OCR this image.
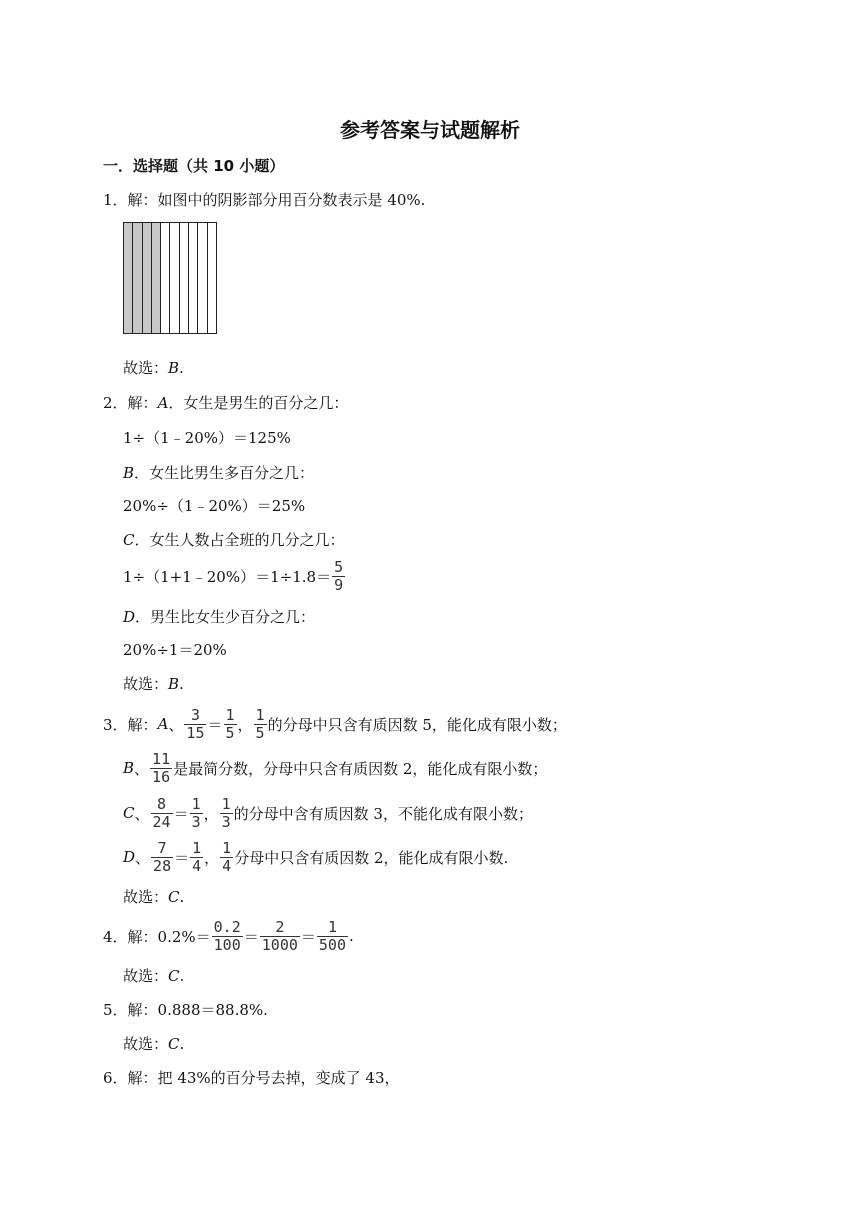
参考答案与试题解析
一．选择题（共 10 小题）
1．解：如图中的阴影部分用百分数表示是 40%.
故选：B.
2．解：A．女生是男生的百分之几：
1÷（1﹣20%）＝125%
B．女生比男生多百分之几：
20%÷（1﹣20%）＝25%
C．女生人数占全班的几分之几：
1÷（1+1﹣20%）＝1÷1.8＝ $\frac{5}{9}$
D．男生比女生少百分之几：
20%÷1＝20%
故选：B.
3． 解： A 、 $\frac{3}{15} = \frac{1}{5}$ ， $\frac{1}{5}$ 的分母中只含有质因数 5，能化成有限小数；
B 、 $\frac{11}{16}$ 是最简分数，分母中只含有质因数 2，能化成有限小数；
C 、 $\frac{8}{24} = \frac{1}{3}$ ， $\frac{1}{3}$ 的分母中含有质因数 3，不能化成有限小数；
D 、 $\frac{7}{28} = \frac{1}{4}$ ， $\frac{1}{4}$ 分母中只含有质因数 2，能化成有限小数.
故选：C.
4． 解：$0.2\%= \frac{0.2}{100} = \frac{2}{1000} = \frac{1}{500}$ .
故选：C.
5．解：0.888＝88.8%.
故选：C.
6．解：把 43%的百分号去掉，变成了 43，
